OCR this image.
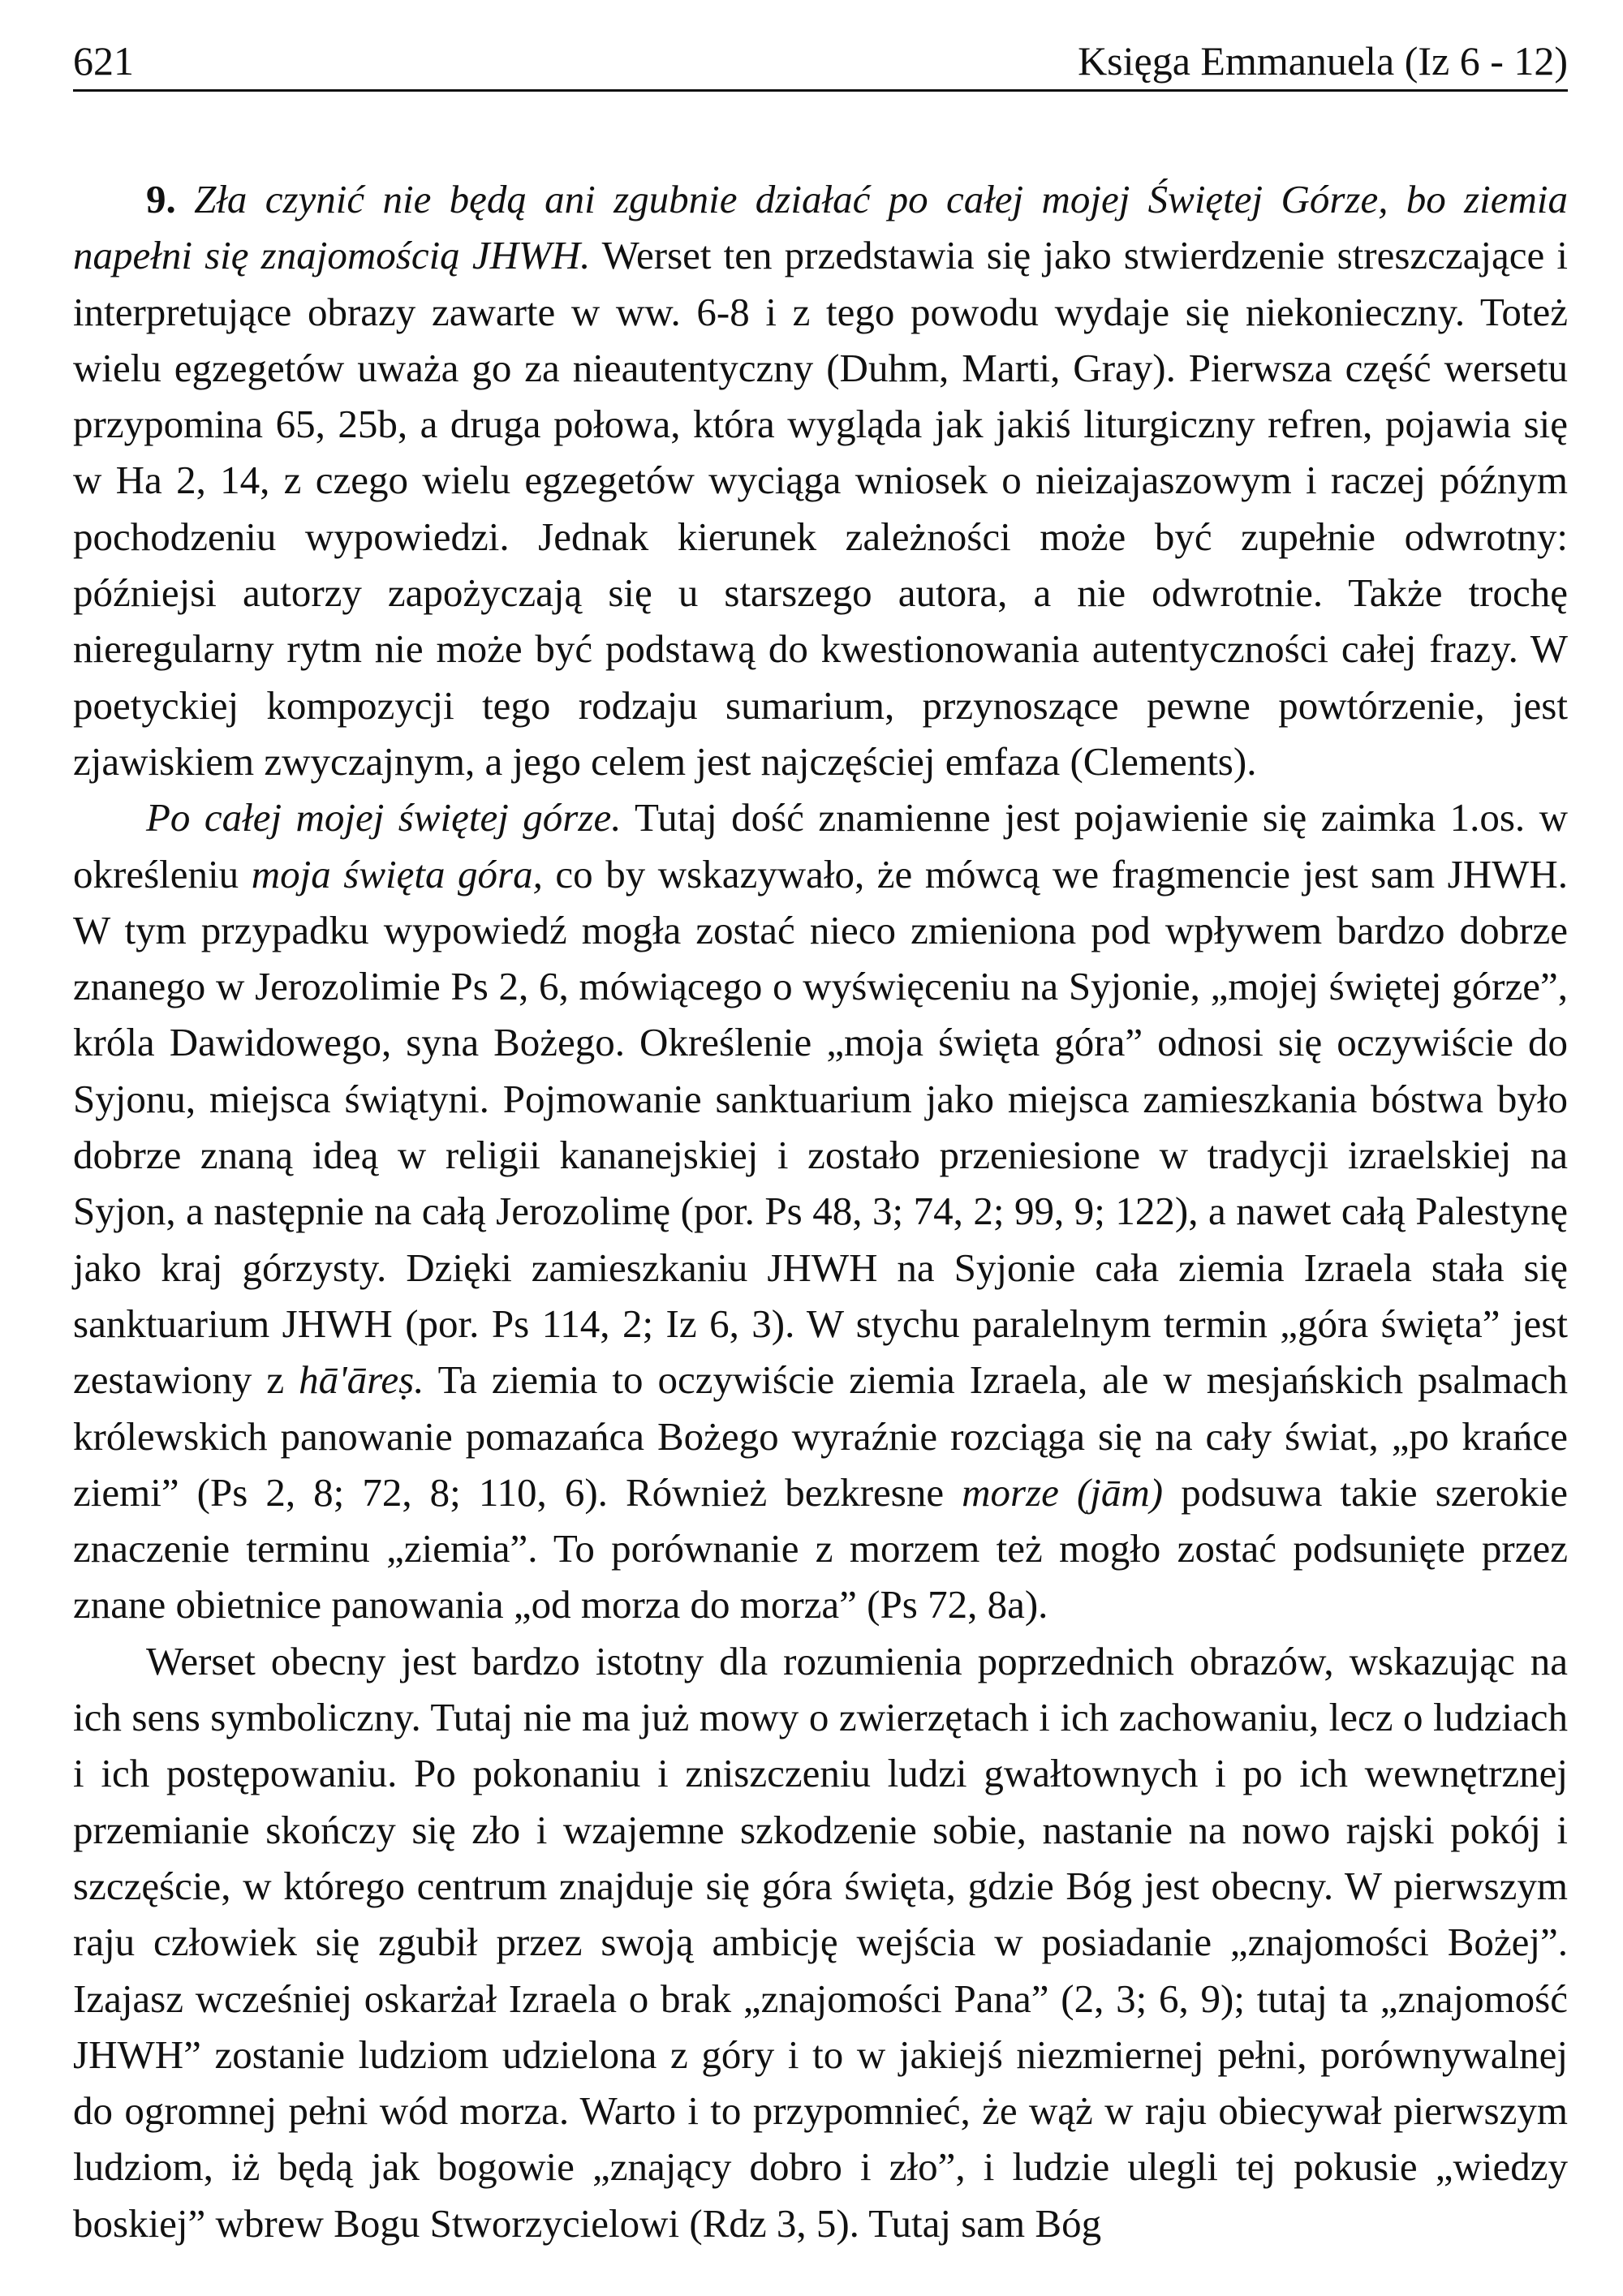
621	Księga Emmanuela (Iz 6 - 12)

9. Zła czynić nie będą ani zgubnie działać po całej mojej Świętej Górze, bo ziemia napełni się znajomością JHWH. Werset ten przedstawia się jako stwierdzenie streszczające i interpretujące obrazy zawarte w ww. 6-8 i z tego powodu wydaje się niekonieczny. Toteż wielu egzegetów uważa go za nieautentyczny (Duhm, Marti, Gray). Pierwsza część wersetu przypomina 65, 25b, a druga połowa, która wygląda jak jakiś liturgiczny refren, pojawia się w Ha 2, 14, z czego wielu egzegetów wyciąga wniosek o nieizajaszowym i raczej późnym pochodzeniu wypowiedzi. Jednak kierunek zależności może być zupełnie odwrotny: późniejsi autorzy zapożyczają się u starszego autora, a nie odwrotnie. Także trochę nieregularny rytm nie może być podstawą do kwestionowania autentyczności całej frazy. W poetyckiej kompozycji tego rodzaju sumarium, przynoszące pewne powtórzenie, jest zjawiskiem zwyczajnym, a jego celem jest najczęściej emfaza (Clements).

Po całej mojej świętej górze. Tutaj dość znamienne jest pojawienie się zaimka 1.os. w określeniu moja święta góra, co by wskazywało, że mówcą we fragmencie jest sam JHWH. W tym przypadku wypowiedź mogła zostać nieco zmieniona pod wpływem bardzo dobrze znanego w Jerozolimie Ps 2, 6, mówiącego o wyświęceniu na Syjonie, „mojej świętej górze”, króla Dawidowego, syna Bożego. Określenie „moja święta góra” odnosi się oczywiście do Syjonu, miejsca świątyni. Pojmowanie sanktuarium jako miejsca zamieszkania bóstwa było dobrze znaną ideą w religii kananejskiej i zostało przeniesione w tradycji izraelskiej na Syjon, a następnie na całą Jerozolimę (por. Ps 48, 3; 74, 2; 99, 9; 122), a nawet całą Palestynę jako kraj górzysty. Dzięki zamieszkaniu JHWH na Syjonie cała ziemia Izraela stała się sanktuarium JHWH (por. Ps 114, 2; Iz 6, 3). W stychu paralelnym termin „góra święta” jest zestawiony z hā'āreṣ. Ta ziemia to oczywiście ziemia Izraela, ale w mesjańskich psalmach królewskich panowanie pomazańca Bożego wyraźnie rozciąga się na cały świat, „po krańce ziemi” (Ps 2, 8; 72, 8; 110, 6). Również bezkresne morze (jām) podsuwa takie szerokie znaczenie terminu „ziemia”. To porównanie z morzem też mogło zostać podsunięte przez znane obietnice panowania „od morza do morza” (Ps 72, 8a).

Werset obecny jest bardzo istotny dla rozumienia poprzednich obrazów, wskazując na ich sens symboliczny. Tutaj nie ma już mowy o zwierzętach i ich zachowaniu, lecz o ludziach i ich postępowaniu. Po pokonaniu i zniszczeniu ludzi gwałtownych i po ich wewnętrznej przemianie skończy się zło i wzajemne szkodzenie sobie, nastanie na nowo rajski pokój i szczęście, w którego centrum znajduje się góra święta, gdzie Bóg jest obecny. W pierwszym raju człowiek się zgubił przez swoją ambicję wejścia w posiadanie „znajomości Bożej”. Izajasz wcześniej oskarżał Izraela o brak „znajomości Pana” (2, 3; 6, 9); tutaj ta „znajomość JHWH” zostanie ludziom udzielona z góry i to w jakiejś niezmiernej pełni, porównywalnej do ogromnej pełni wód morza. Warto i to przypomnieć, że wąż w raju obiecywał pierwszym ludziom, iż będą jak bogowie „znający dobro i zło”, i ludzie ulegli tej pokusie „wiedzy boskiej” wbrew Bogu Stworzycielowi (Rdz 3, 5). Tutaj sam Bóg
